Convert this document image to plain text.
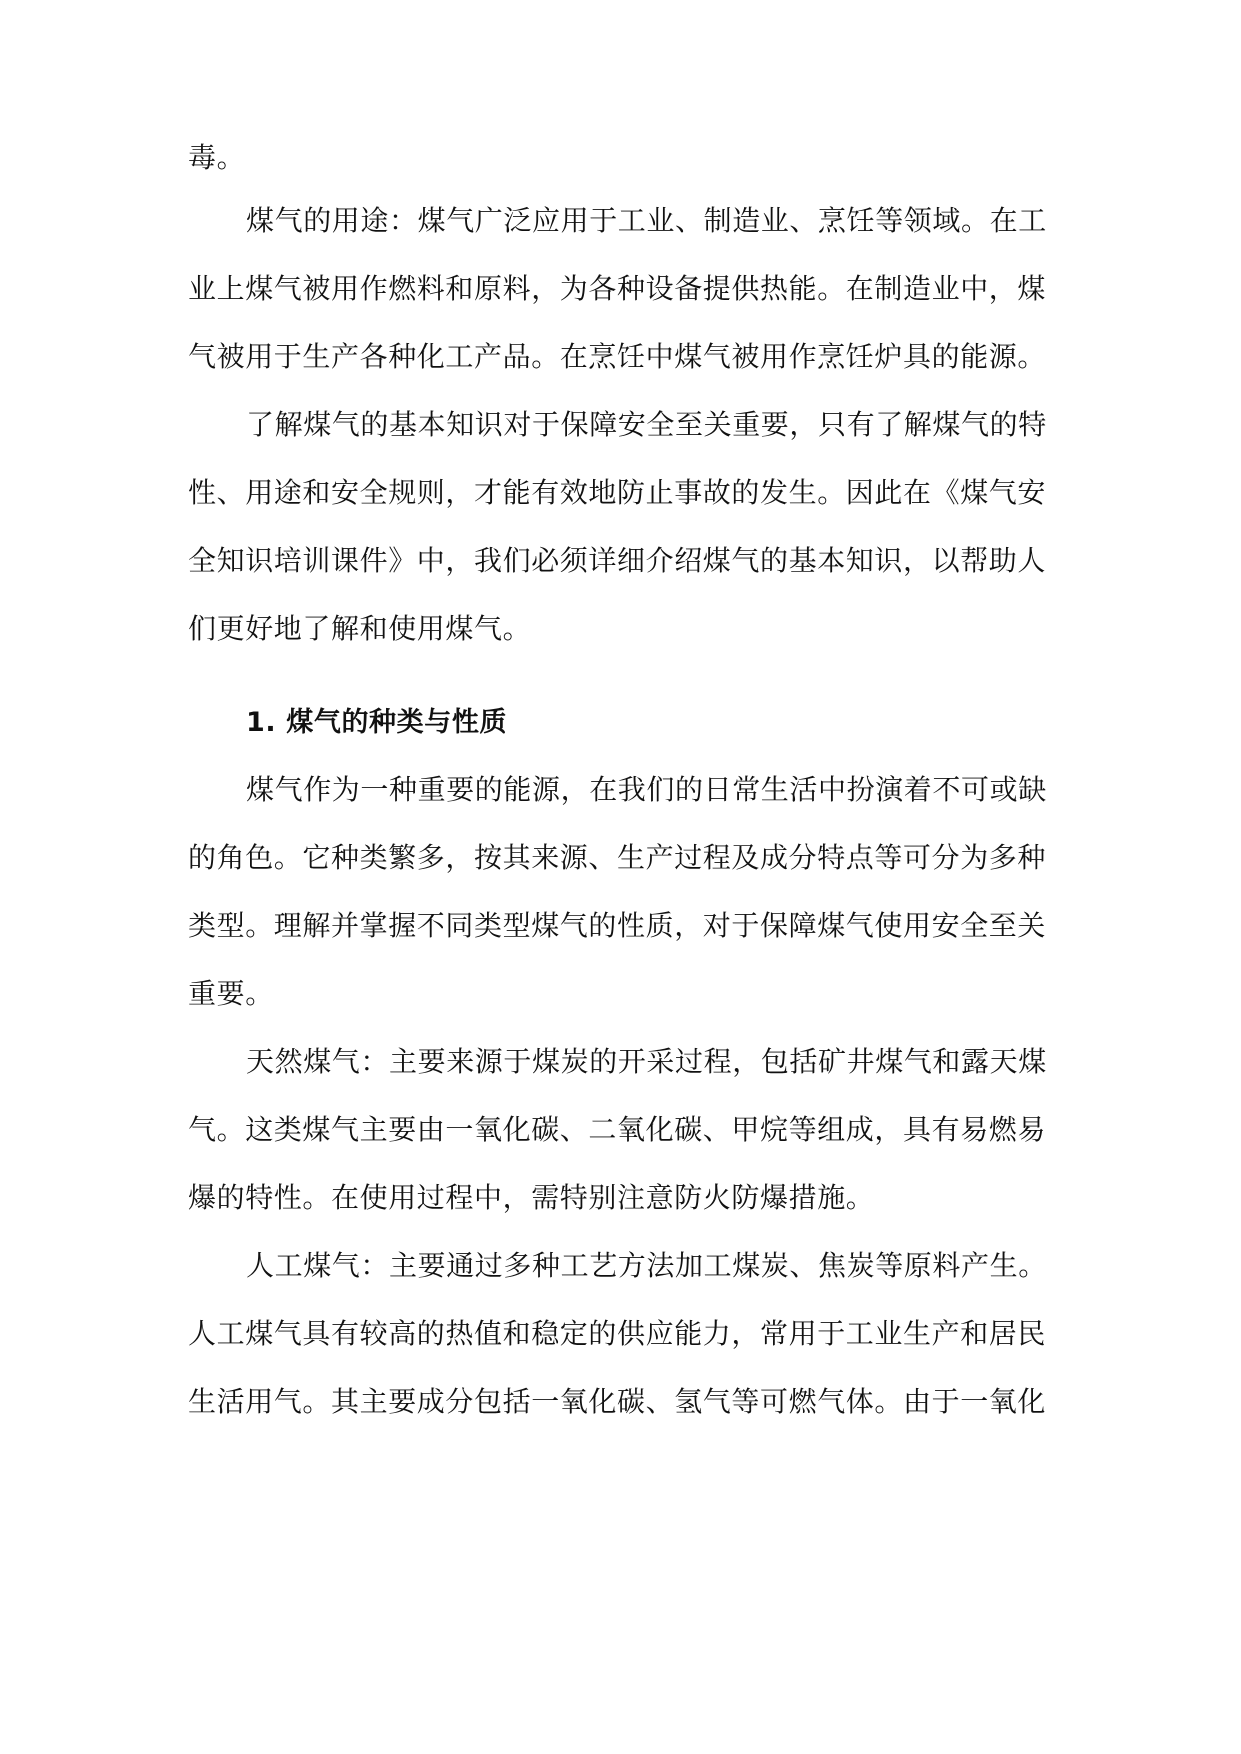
毒。
煤气的用途：煤气广泛应用于工业、制造业、烹饪等领域。在工
业上煤气被用作燃料和原料，为各种设备提供热能。在制造业中，煤
气被用于生产各种化工产品。在烹饪中煤气被用作烹饪炉具的能源。
了解煤气的基本知识对于保障安全至关重要，只有了解煤气的特
性、用途和安全规则，才能有效地防止事故的发生。因此在《煤气安
全知识培训课件》中，我们必须详细介绍煤气的基本知识，以帮助人
们更好地了解和使用煤气。
1. 煤气的种类与性质
煤气作为一种重要的能源，在我们的日常生活中扮演着不可或缺
的角色。它种类繁多，按其来源、生产过程及成分特点等可分为多种
类型。理解并掌握不同类型煤气的性质，对于保障煤气使用安全至关
重要。
天然煤气：主要来源于煤炭的开采过程，包括矿井煤气和露天煤
气。这类煤气主要由一氧化碳、二氧化碳、甲烷等组成，具有易燃易
爆的特性。在使用过程中，需特别注意防火防爆措施。
人工煤气：主要通过多种工艺方法加工煤炭、焦炭等原料产生。
人工煤气具有较高的热值和稳定的供应能力，常用于工业生产和居民
生活用气。其主要成分包括一氧化碳、氢气等可燃气体。由于一氧化
